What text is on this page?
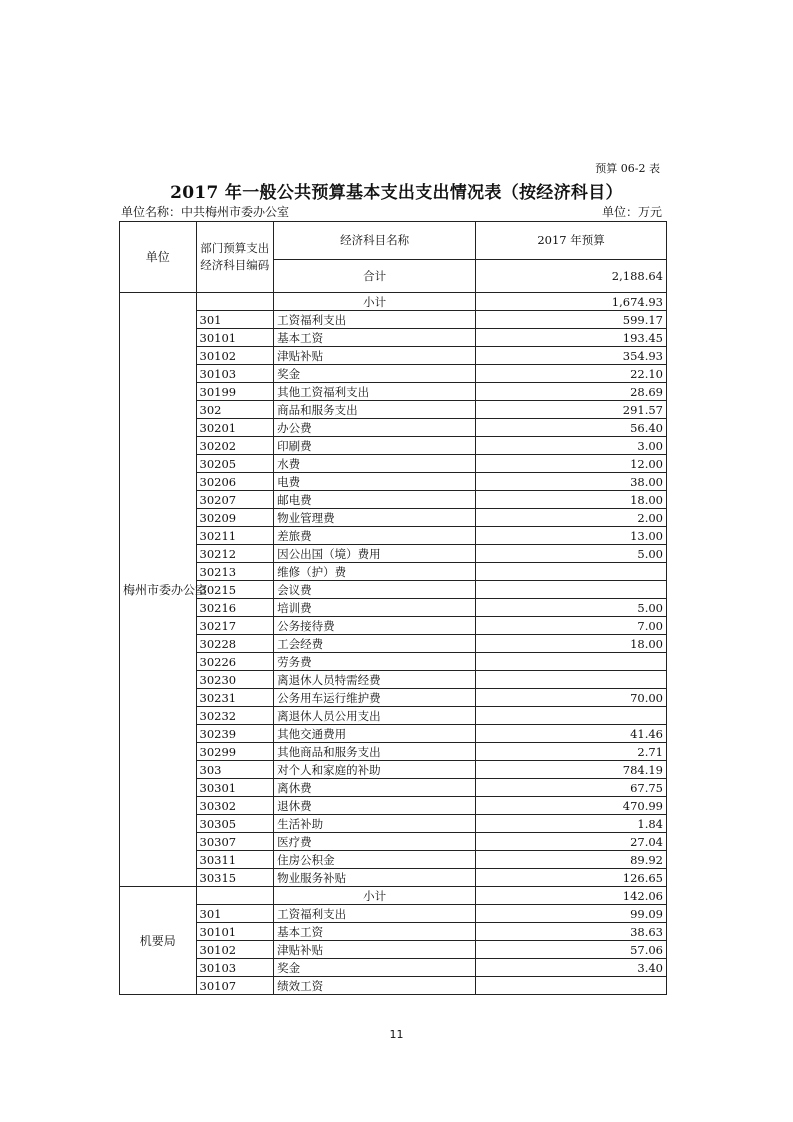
预算 06-2 表
2017 年一般公共预算基本支出支出情况表（按经济科目）
单位名称：中共梅州市委办公室	单位：万元
单位	部门预算支出经济科目编码	经济科目名称	2017 年预算
		合计	2,188.64
梅州市委办公室		小计	1,674.93
	301	工资福利支出	599.17
	30101	基本工资	193.45
	30102	津贴补贴	354.93
	30103	奖金	22.10
	30199	其他工资福利支出	28.69
	302	商品和服务支出	291.57
	30201	办公费	56.40
	30202	印刷费	3.00
	30205	水费	12.00
	30206	电费	38.00
	30207	邮电费	18.00
	30209	物业管理费	2.00
	30211	差旅费	13.00
	30212	因公出国（境）费用	5.00
	30213	维修（护）费	
	30215	会议费	
	30216	培训费	5.00
	30217	公务接待费	7.00
	30228	工会经费	18.00
	30226	劳务费	
	30230	离退休人员特需经费	
	30231	公务用车运行维护费	70.00
	30232	离退休人员公用支出	
	30239	其他交通费用	41.46
	30299	其他商品和服务支出	2.71
	303	对个人和家庭的补助	784.19
	30301	离休费	67.75
	30302	退休费	470.99
	30305	生活补助	1.84
	30307	医疗费	27.04
	30311	住房公积金	89.92
	30315	物业服务补贴	126.65
机要局		小计	142.06
	301	工资福利支出	99.09
	30101	基本工资	38.63
	30102	津贴补贴	57.06
	30103	奖金	3.40
	30107	绩效工资	
11
